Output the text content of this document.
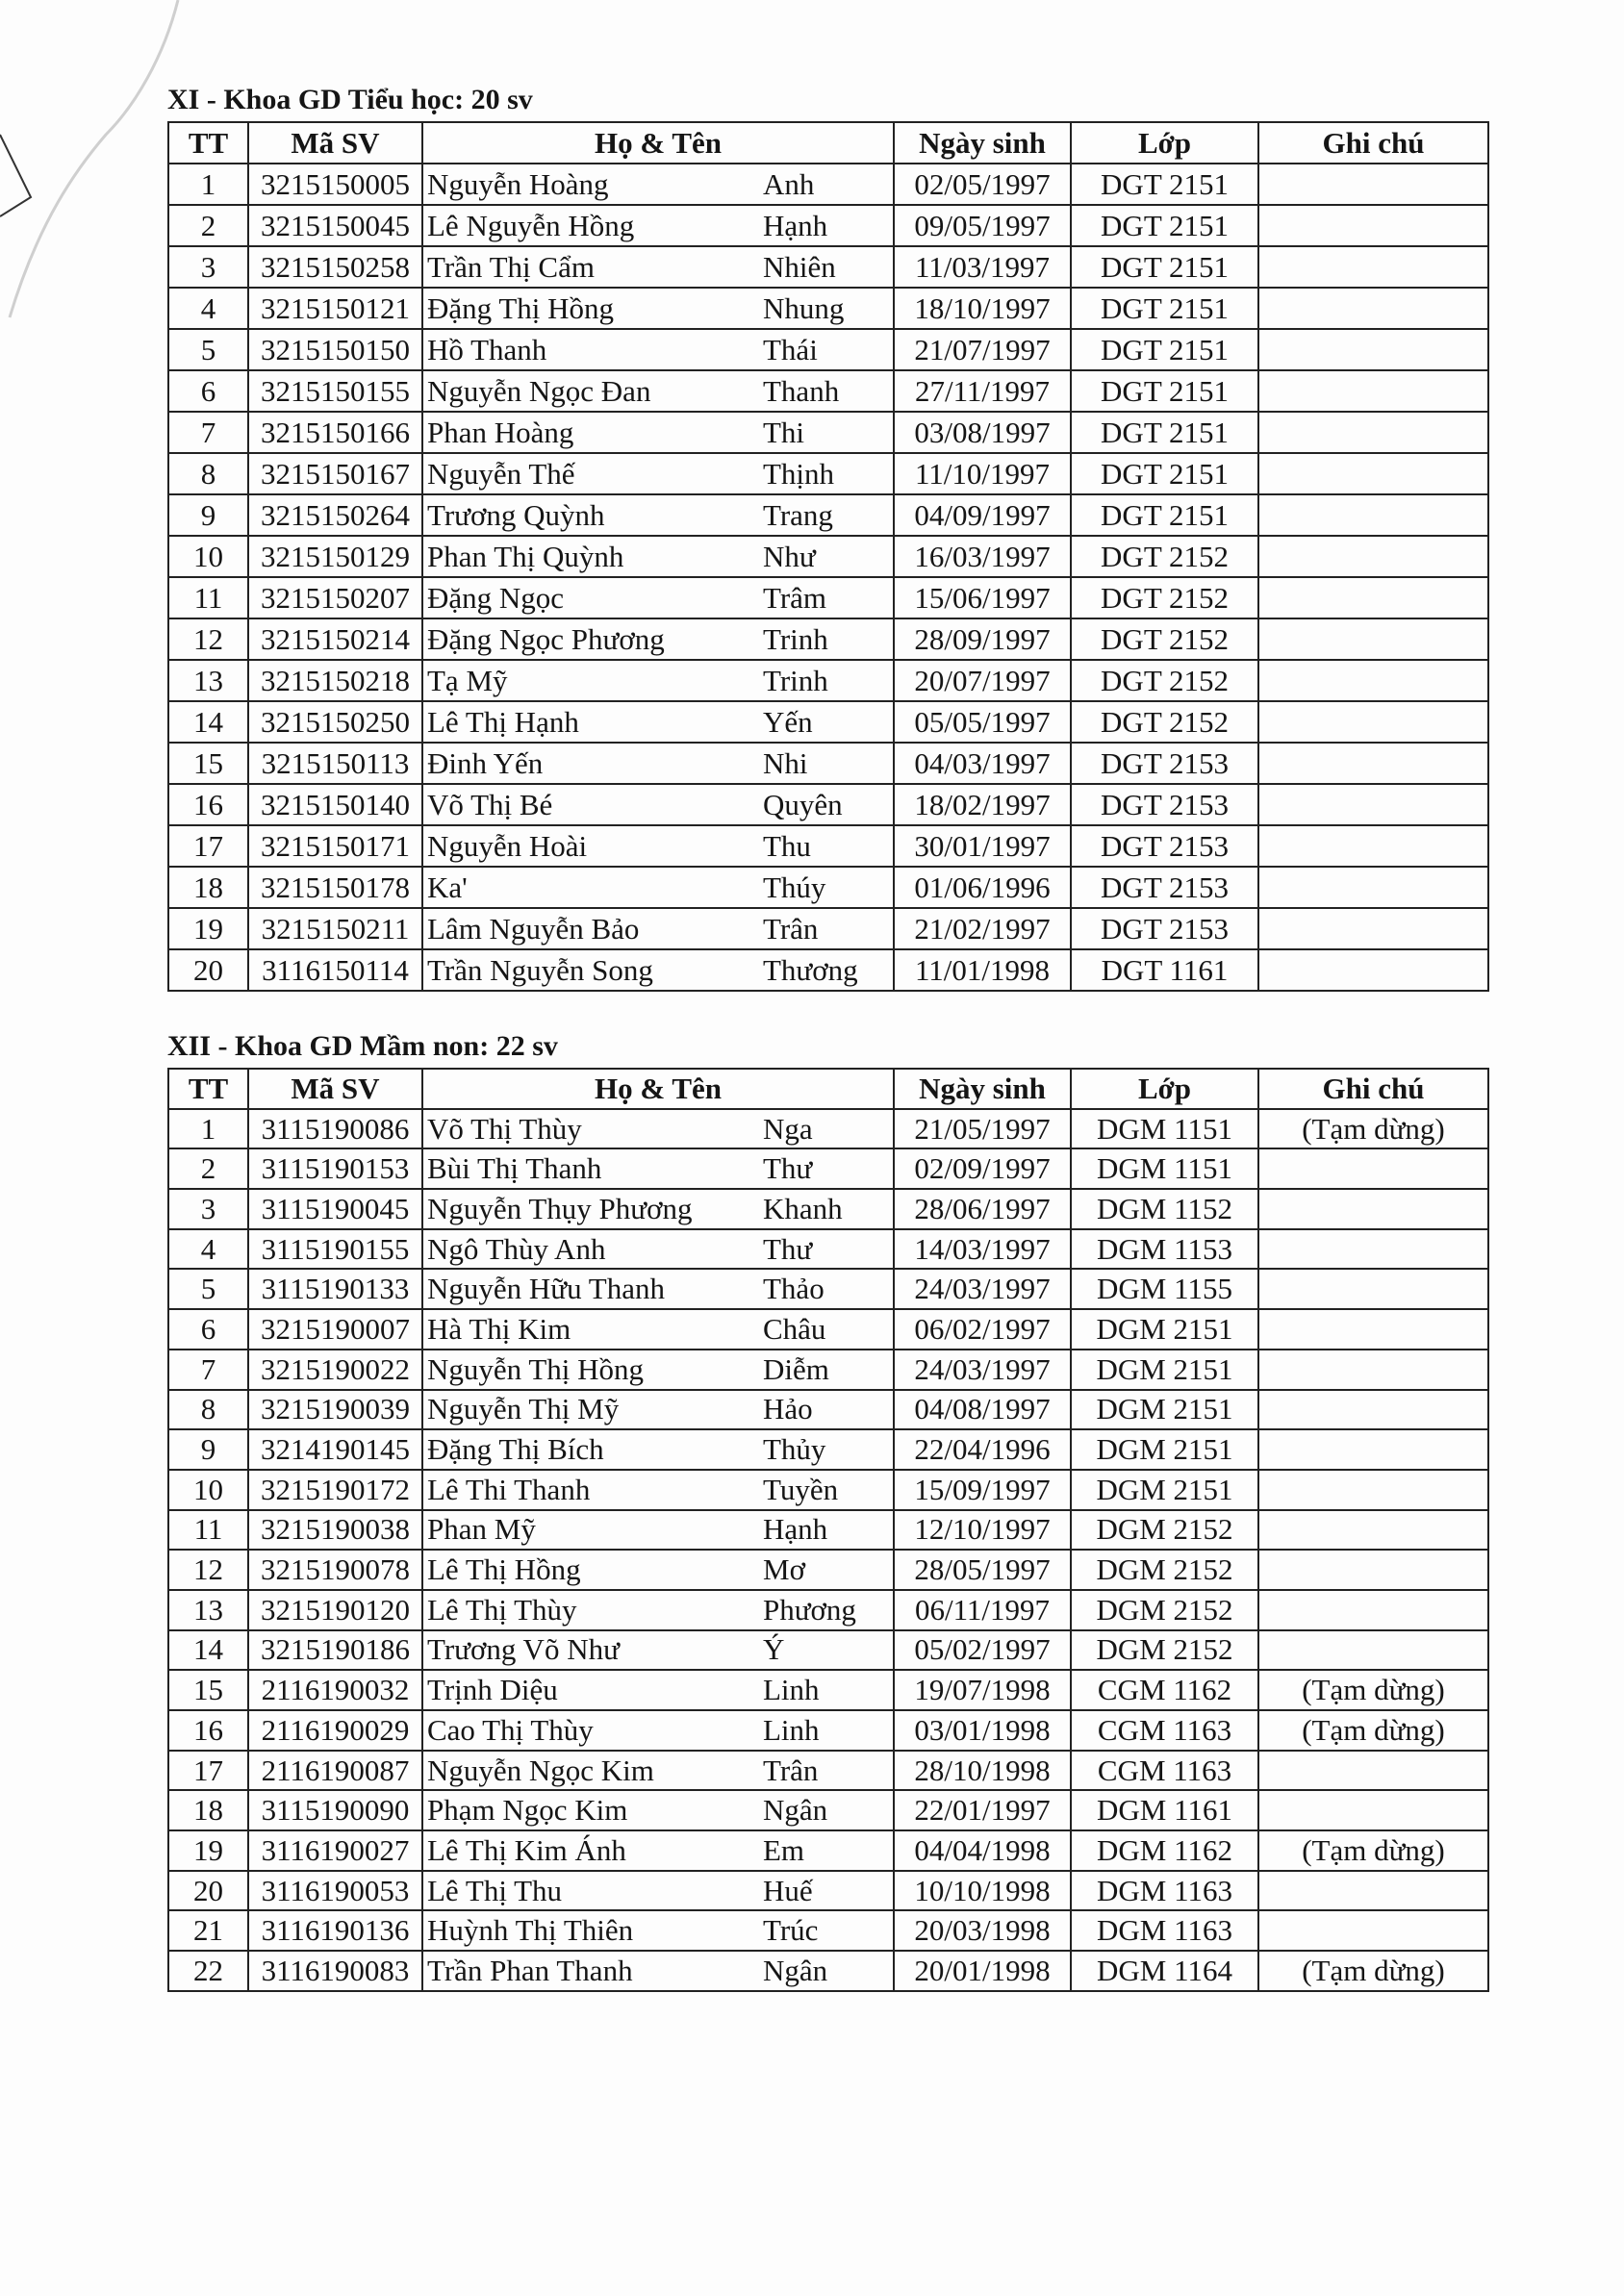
XI - Khoa GD Tiểu học: 20 sv
TT	Mã SV	Họ & Tên		Ngày sinh	Lớp	Ghi chú
1	3215150005	Nguyễn Hoàng	Anh	02/05/1997	DGT 2151	
2	3215150045	Lê Nguyễn Hồng	Hạnh	09/05/1997	DGT 2151	
3	3215150258	Trần Thị Cẩm	Nhiên	11/03/1997	DGT 2151	
4	3215150121	Đặng Thị Hồng	Nhung	18/10/1997	DGT 2151	
5	3215150150	Hồ Thanh	Thái	21/07/1997	DGT 2151	
6	3215150155	Nguyễn Ngọc Đan	Thanh	27/11/1997	DGT 2151	
7	3215150166	Phan Hoàng	Thi	03/08/1997	DGT 2151	
8	3215150167	Nguyễn Thế	Thịnh	11/10/1997	DGT 2151	
9	3215150264	Trương Quỳnh	Trang	04/09/1997	DGT 2151	
10	3215150129	Phan Thị Quỳnh	Như	16/03/1997	DGT 2152	
11	3215150207	Đặng Ngọc	Trâm	15/06/1997	DGT 2152	
12	3215150214	Đặng Ngọc Phương	Trinh	28/09/1997	DGT 2152	
13	3215150218	Tạ Mỹ	Trinh	20/07/1997	DGT 2152	
14	3215150250	Lê Thị Hạnh	Yến	05/05/1997	DGT 2152	
15	3215150113	Đinh Yến	Nhi	04/03/1997	DGT 2153	
16	3215150140	Võ Thị Bé	Quyên	18/02/1997	DGT 2153	
17	3215150171	Nguyễn Hoài	Thu	30/01/1997	DGT 2153	
18	3215150178	Ka'	Thúy	01/06/1996	DGT 2153	
19	3215150211	Lâm Nguyễn Bảo	Trân	21/02/1997	DGT 2153	
20	3116150114	Trần Nguyễn Song	Thương	11/01/1998	DGT 1161	
XII - Khoa GD Mầm non: 22 sv
TT	Mã SV	Họ & Tên		Ngày sinh	Lớp	Ghi chú
1	3115190086	Võ Thị Thùy	Nga	21/05/1997	DGM 1151	(Tạm dừng)
2	3115190153	Bùi Thị Thanh	Thư	02/09/1997	DGM 1151	
3	3115190045	Nguyễn Thụy Phương	Khanh	28/06/1997	DGM 1152	
4	3115190155	Ngô Thùy Anh	Thư	14/03/1997	DGM 1153	
5	3115190133	Nguyễn Hữu Thanh	Thảo	24/03/1997	DGM 1155	
6	3215190007	Hà Thị Kim	Châu	06/02/1997	DGM 2151	
7	3215190022	Nguyễn Thị Hồng	Diễm	24/03/1997	DGM 2151	
8	3215190039	Nguyễn Thị Mỹ	Hảo	04/08/1997	DGM 2151	
9	3214190145	Đặng Thị Bích	Thủy	22/04/1996	DGM 2151	
10	3215190172	Lê Thi Thanh	Tuyền	15/09/1997	DGM 2151	
11	3215190038	Phan Mỹ	Hạnh	12/10/1997	DGM 2152	
12	3215190078	Lê Thị Hồng	Mơ	28/05/1997	DGM 2152	
13	3215190120	Lê Thị Thùy	Phương	06/11/1997	DGM 2152	
14	3215190186	Trương Võ Như	Ý	05/02/1997	DGM 2152	
15	2116190032	Trịnh Diệu	Linh	19/07/1998	CGM 1162	(Tạm dừng)
16	2116190029	Cao Thị Thùy	Linh	03/01/1998	CGM 1163	(Tạm dừng)
17	2116190087	Nguyễn Ngọc Kim	Trân	28/10/1998	CGM 1163	
18	3115190090	Phạm Ngọc Kim	Ngân	22/01/1997	DGM 1161	
19	3116190027	Lê Thị Kim Ánh	Em	04/04/1998	DGM 1162	(Tạm dừng)
20	3116190053	Lê Thị Thu	Huế	10/10/1998	DGM 1163	
21	3116190136	Huỳnh Thị Thiên	Trúc	20/03/1998	DGM 1163	
22	3116190083	Trần Phan Thanh	Ngân	20/01/1998	DGM 1164	(Tạm dừng)
